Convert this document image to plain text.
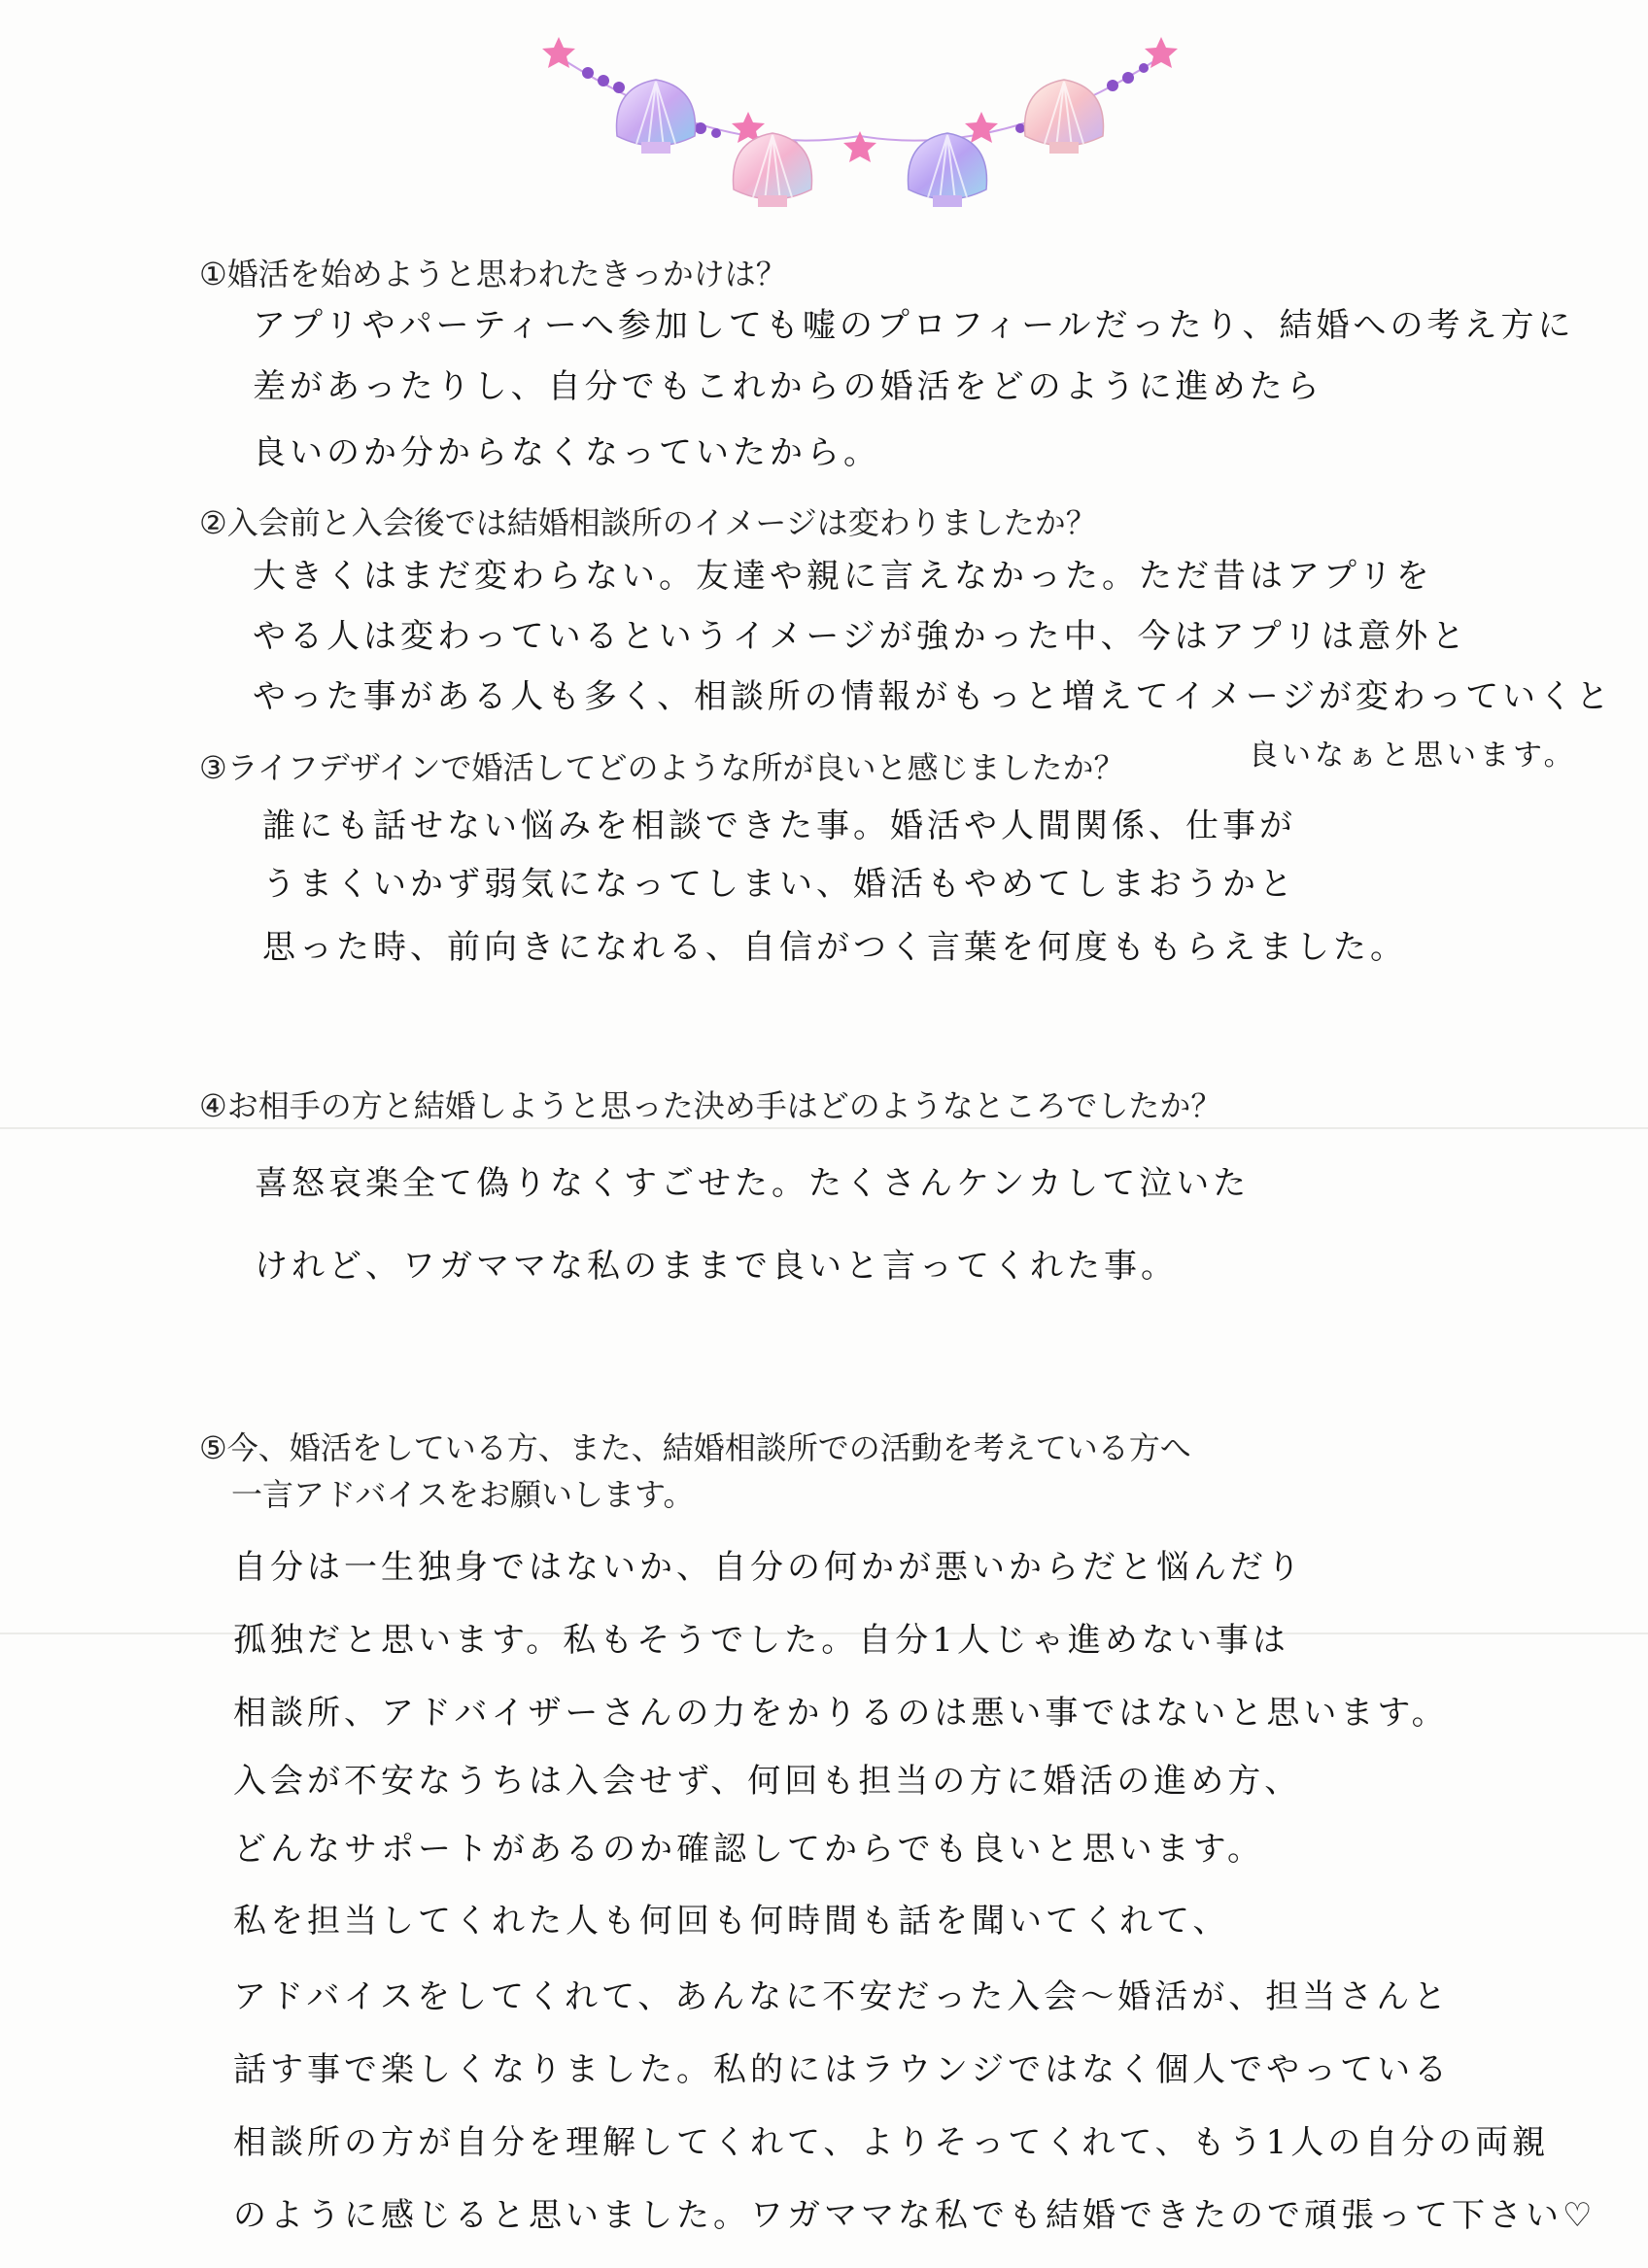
①婚活を始めようと思われたきっかけは？
アプリやパーティーへ参加しても嘘のプロフィールだったり、結婚への考え方に
差があったりし、自分でもこれからの婚活をどのように進めたら
良いのか分からなくなっていたから。
②入会前と入会後では結婚相談所のイメージは変わりましたか？
大きくはまだ変わらない。友達や親に言えなかった。ただ昔はアプリを
やる人は変わっているというイメージが強かった中、今はアプリは意外と
やった事がある人も多く、相談所の情報がもっと増えてイメージが変わっていくと
良いなぁと思います。
③ライフデザインで婚活してどのような所が良いと感じましたか？
誰にも話せない悩みを相談できた事。婚活や人間関係、仕事が
うまくいかず弱気になってしまい、婚活もやめてしまおうかと
思った時、前向きになれる、自信がつく言葉を何度ももらえました。
④お相手の方と結婚しようと思った決め手はどのようなところでしたか？
喜怒哀楽全て偽りなくすごせた。たくさんケンカして泣いた
けれど、ワガママな私のままで良いと言ってくれた事。
⑤今、婚活をしている方、また、結婚相談所での活動を考えている方へ
一言アドバイスをお願いします。
自分は一生独身ではないか、自分の何かが悪いからだと悩んだり
孤独だと思います。私もそうでした。自分1人じゃ進めない事は
相談所、アドバイザーさんの力をかりるのは悪い事ではないと思います。
入会が不安なうちは入会せず、何回も担当の方に婚活の進め方、
どんなサポートがあるのか確認してからでも良いと思います。
私を担当してくれた人も何回も何時間も話を聞いてくれて、
アドバイスをしてくれて、あんなに不安だった入会〜婚活が、担当さんと
話す事で楽しくなりました。私的にはラウンジではなく個人でやっている
相談所の方が自分を理解してくれて、よりそってくれて、もう1人の自分の両親
のように感じると思いました。ワガママな私でも結婚できたので頑張って下さい♡
